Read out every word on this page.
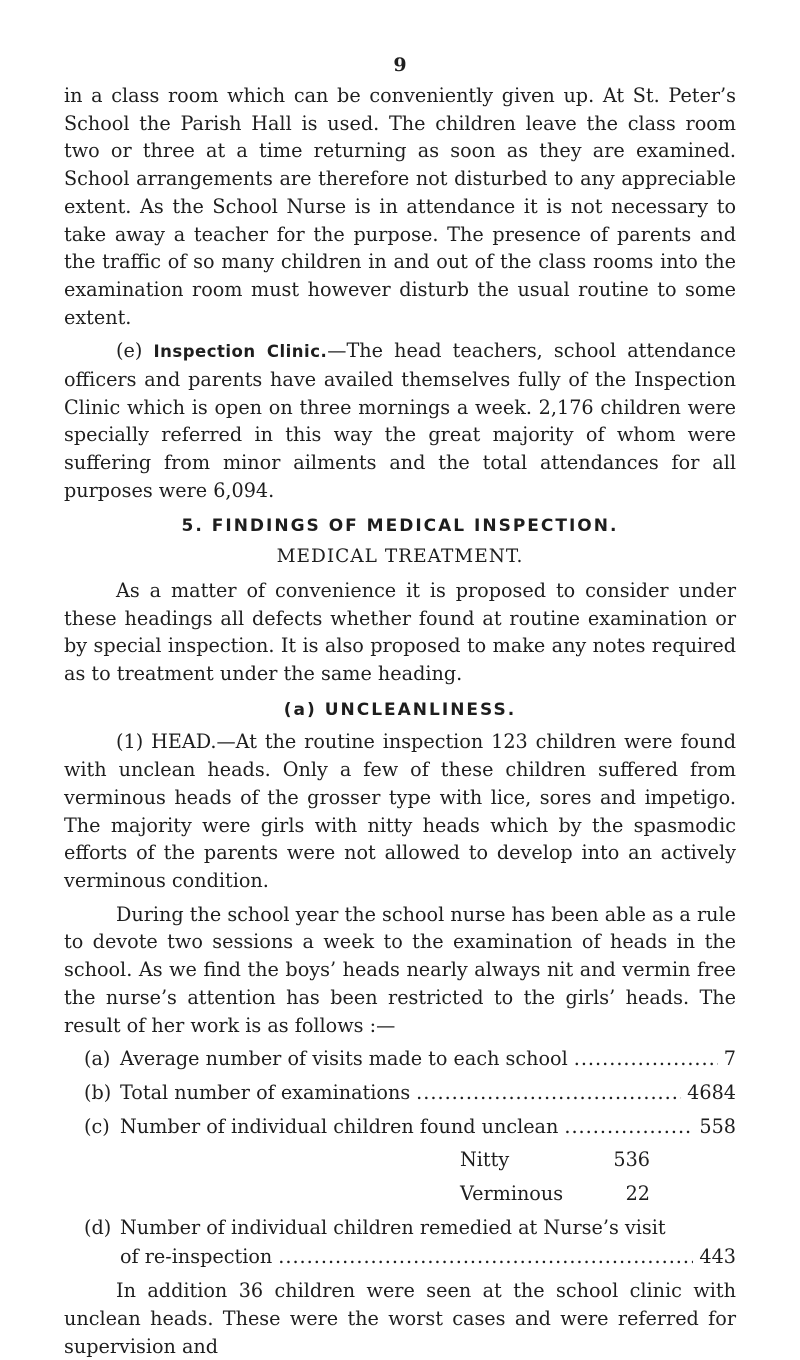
9

in a class room which can be conveniently given up. At St. Peter’s School the Parish Hall is used. The children leave the class room two or three at a time returning as soon as they are examined. School arrangements are therefore not disturbed to any appreciable extent. As the School Nurse is in attendance it is not necessary to take away a teacher for the purpose. The presence of parents and the traffic of so many children in and out of the class rooms into the examination room must however disturb the usual routine to some extent.

(e) Inspection Clinic.—The head teachers, school attendance officers and parents have availed themselves fully of the Inspection Clinic which is open on three mornings a week. 2,176 children were specially referred in this way the great majority of whom were suffering from minor ailments and the total attendances for all purposes were 6,094.

5. FINDINGS OF MEDICAL INSPECTION.
MEDICAL TREATMENT.

As a matter of convenience it is proposed to consider under these headings all defects whether found at routine examination or by special inspection. It is also proposed to make any notes required as to treatment under the same heading.

(a) UNCLEANLINESS.

(1) HEAD.—At the routine inspection 123 children were found with unclean heads. Only a few of these children suffered from verminous heads of the grosser type with lice, sores and impetigo. The majority were girls with nitty heads which by the spasmodic efforts of the parents were not allowed to develop into an actively verminous condition.

During the school year the school nurse has been able as a rule to devote two sessions a week to the examination of heads in the school. As we find the boys’ heads nearly always nit and vermin free the nurse’s attention has been restricted to the girls’ heads. The result of her work is as follows :—

(a) Average number of visits made to each school .....	7
(b) Total number of examinations .....	4684
(c) Number of individual children found unclean .....	558
Nitty	536
Verminous	22
(d) Number of individual children remedied at Nurse’s visit
of re-inspection .....	443

In addition 36 children were seen at the school clinic with unclean heads. These were the worst cases and were referred for supervision and
